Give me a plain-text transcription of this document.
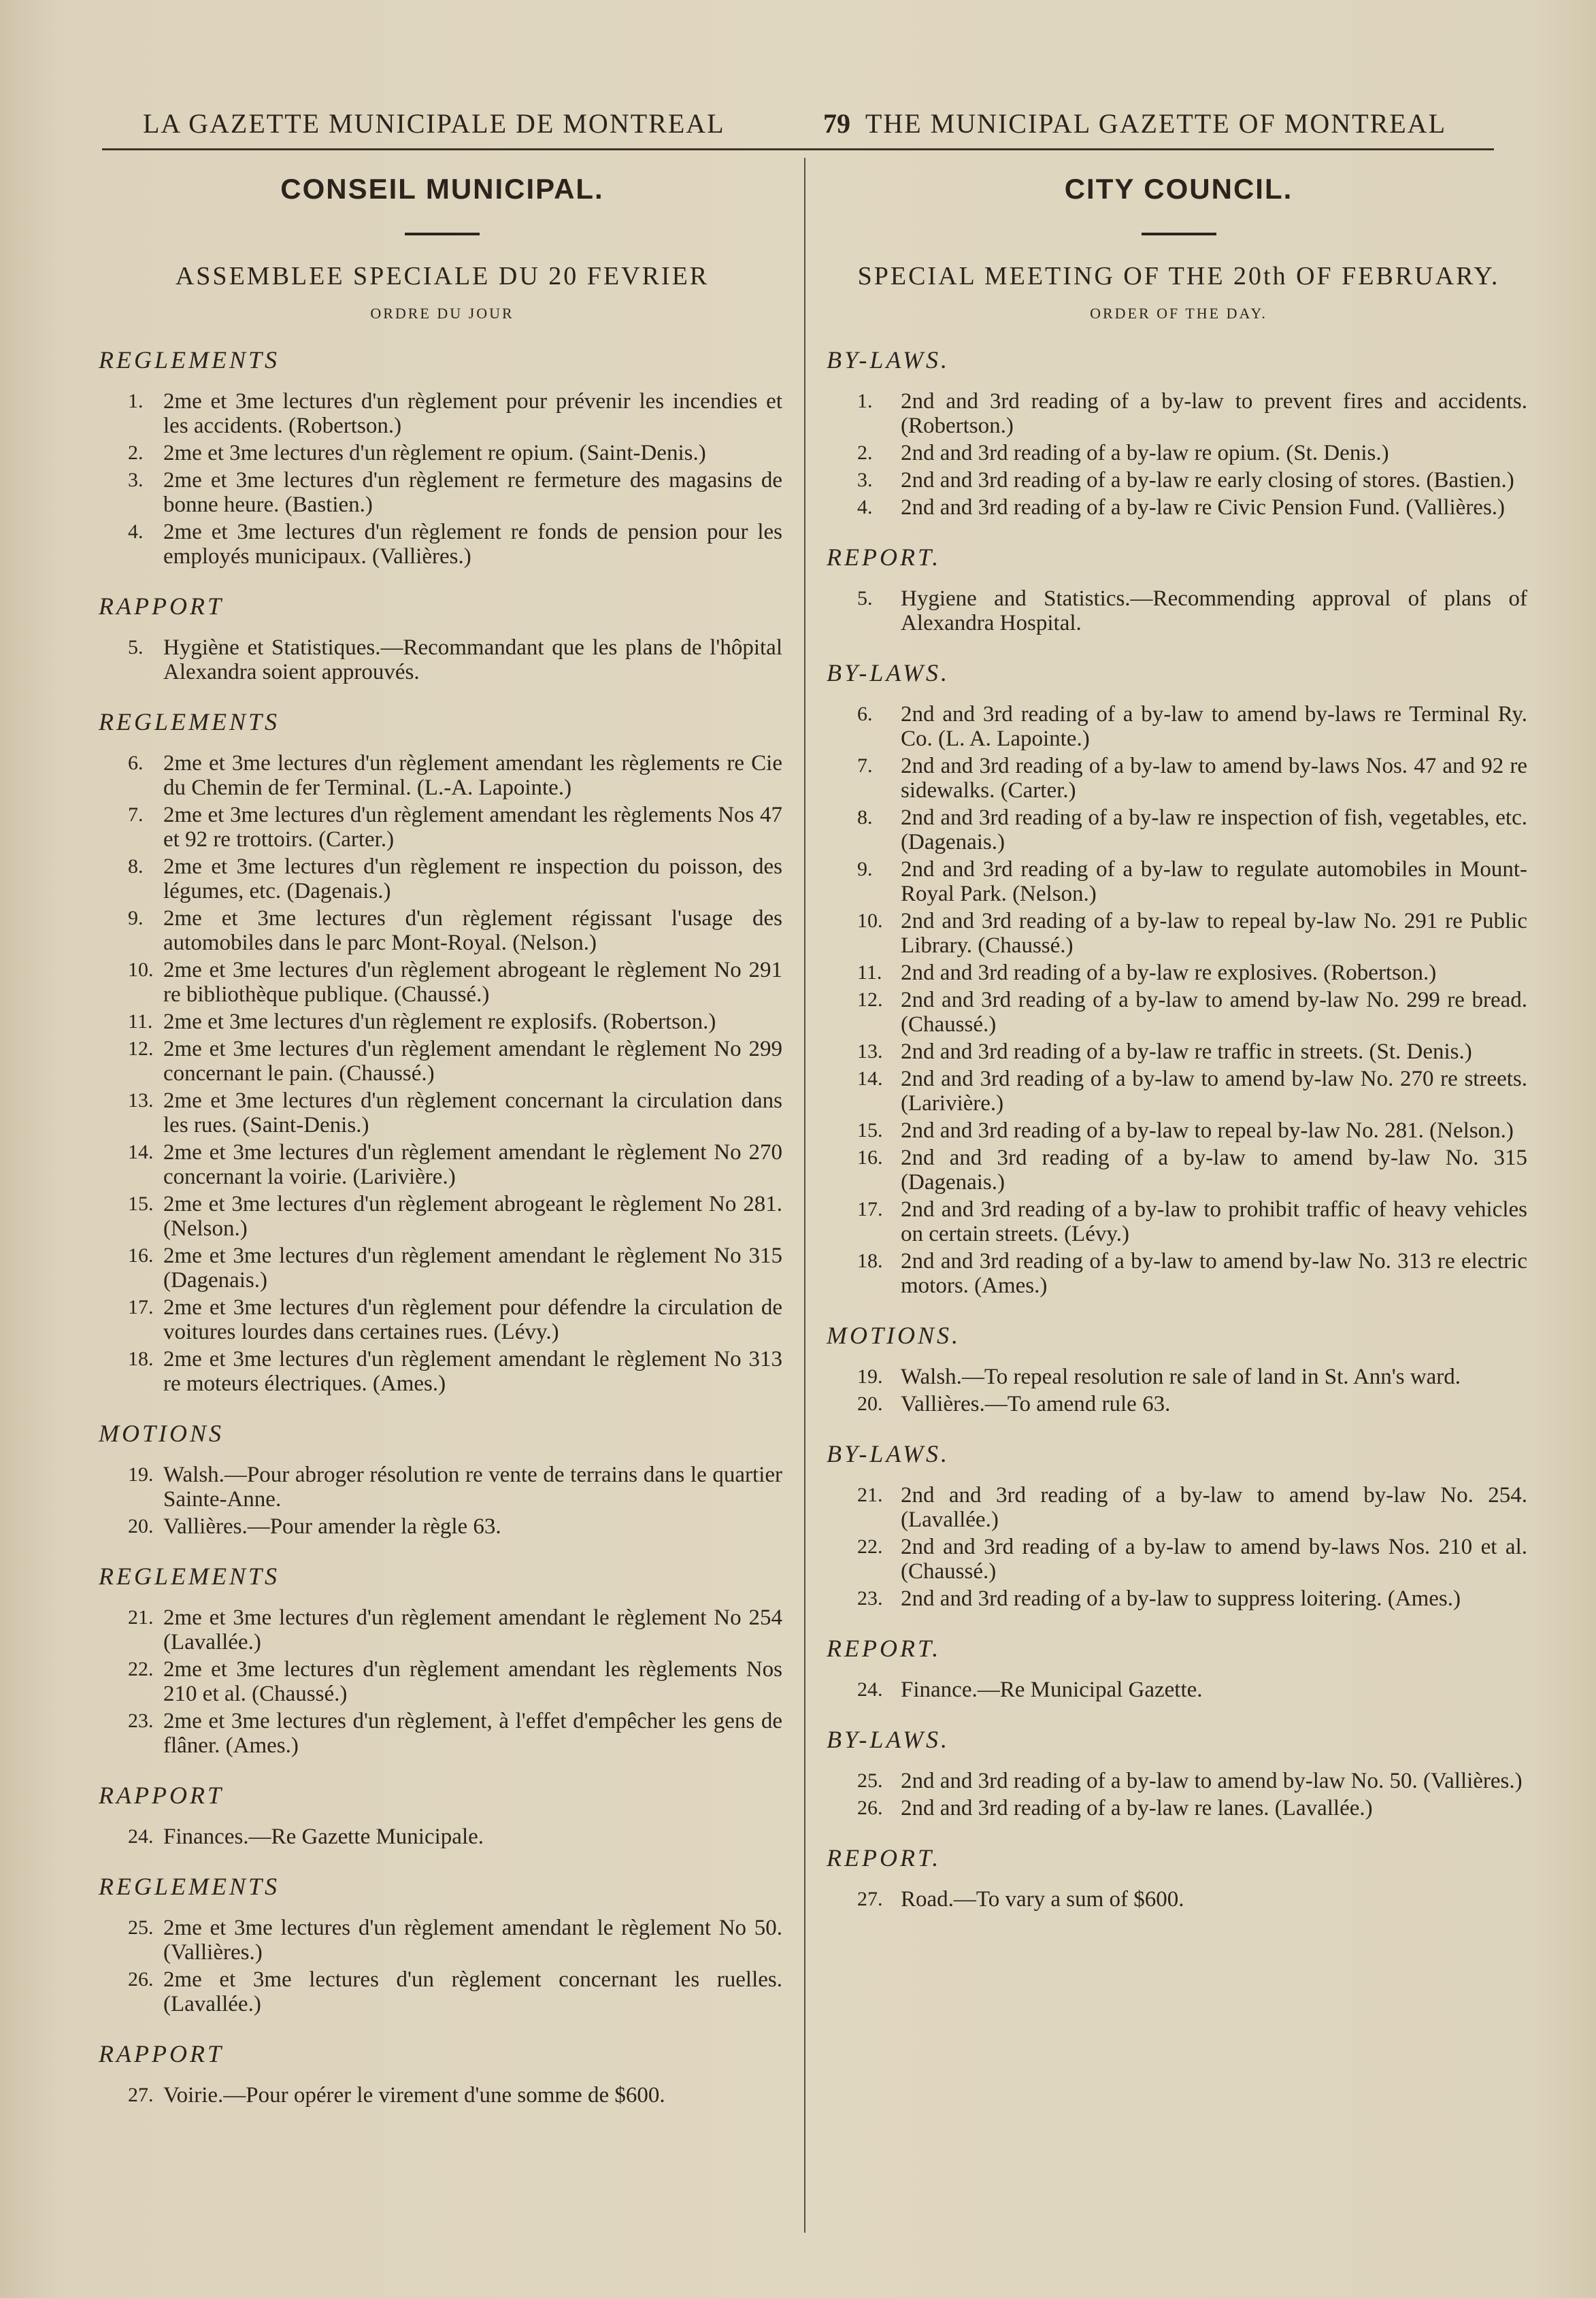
LA GAZETTE MUNICIPALE DE MONTREAL	79 THE MUNICIPAL GAZETTE OF MONTREAL
CONSEIL MUNICIPAL.
ASSEMBLEE SPECIALE DU 20 FEVRIER
ORDRE DU JOUR
REGLEMENTS
1. 2me et 3me lectures d'un règlement pour prévenir les incendies et les accidents. (Robertson.)
2. 2me et 3me lectures d'un règlement re opium. (Saint-Denis.)
3. 2me et 3me lectures d'un règlement re fermeture des magasins de bonne heure. (Bastien.)
4. 2me et 3me lectures d'un règlement re fonds de pension pour les employés municipaux. (Vallières.)
RAPPORT
5. Hygiène et Statistiques.—Recommandant que les plans de l'hôpital Alexandra soient approuvés.
REGLEMENTS
6. 2me et 3me lectures d'un règlement amendant les règlements re Cie du Chemin de fer Terminal. (L.-A. Lapointe.)
7. 2me et 3me lectures d'un règlement amendant les règlements Nos 47 et 92 re trottoirs. (Carter.)
8. 2me et 3me lectures d'un règlement re inspection du poisson, des légumes, etc. (Dagenais.)
9. 2me et 3me lectures d'un règlement régissant l'usage des automobiles dans le parc Mont-Royal. (Nelson.)
10. 2me et 3me lectures d'un règlement abrogeant le règlement No 291 re bibliothèque publique. (Chaussé.)
11. 2me et 3me lectures d'un règlement re explosifs. (Robertson.)
12. 2me et 3me lectures d'un règlement amendant le règlement No 299 concernant le pain. (Chaussé.)
13. 2me et 3me lectures d'un règlement concernant la circulation dans les rues. (Saint-Denis.)
14. 2me et 3me lectures d'un règlement amendant le règlement No 270 concernant la voirie. (Larivière.)
15. 2me et 3me lectures d'un règlement abrogeant le règlement No 281. (Nelson.)
16. 2me et 3me lectures d'un règlement amendant le règlement No 315 (Dagenais.)
17. 2me et 3me lectures d'un règlement pour défendre la circulation de voitures lourdes dans certaines rues. (Lévy.)
18. 2me et 3me lectures d'un règlement amendant le règlement No 313 re moteurs électriques. (Ames.)
MOTIONS
19. Walsh.—Pour abroger résolution re vente de terrains dans le quartier Sainte-Anne.
20. Vallières.—Pour amender la règle 63.
REGLEMENTS
21. 2me et 3me lectures d'un règlement amendant le règlement No 254 (Lavallée.)
22. 2me et 3me lectures d'un règlement amendant les règlements Nos 210 et al. (Chaussé.)
23. 2me et 3me lectures d'un règlement, à l'effet d'empêcher les gens de flâner. (Ames.)
RAPPORT
24. Finances.—Re Gazette Municipale.
REGLEMENTS
25. 2me et 3me lectures d'un règlement amendant le règlement No 50. (Vallières.)
26. 2me et 3me lectures d'un règlement concernant les ruelles. (Lavallée.)
RAPPORT
27. Voirie.—Pour opérer le virement d'une somme de $600.
CITY COUNCIL.
SPECIAL MEETING OF THE 20th OF FEBRUARY.
ORDER OF THE DAY.
BY-LAWS.
1.	2nd and 3rd reading of a by-law to prevent fires and accidents. (Robertson.)
2.	2nd and 3rd reading of a by-law re opium. (St. Denis.)
3.	2nd and 3rd reading of a by-law re early closing of stores. (Bastien.)
4.	2nd and 3rd reading of a by-law re Civic Pension Fund. (Vallières.)
REPORT.
5.	Hygiene and Statistics.—Recommending approval of plans of Alexandra Hospital.
BY-LAWS.
6.	2nd and 3rd reading of a by-law to amend by-laws re Terminal Ry. Co. (L. A. Lapointe.)
7.	2nd and 3rd reading of a by-law to amend by-laws Nos. 47 and 92 re sidewalks. (Carter.)
8.	2nd and 3rd reading of a by-law re inspection of fish, vegetables, etc. (Dagenais.)
9.	2nd and 3rd reading of a by-law to regulate automobiles in Mount-Royal Park. (Nelson.)
10. 2nd and 3rd reading of a by-law to repeal by-law No. 291 re Public Library. (Chaussé.)
11. 2nd and 3rd reading of a by-law re explosives. (Robertson.)
12. 2nd and 3rd reading of a by-law to amend by-law No. 299 re bread. (Chaussé.)
13. 2nd and 3rd reading of a by-law re traffic in streets. (St. Denis.)
14. 2nd and 3rd reading of a by-law to amend by-law No. 270 re streets. (Larivière.)
15. 2nd and 3rd reading of a by-law to repeal by-law No. 281. (Nelson.)
16. 2nd and 3rd reading of a by-law to amend by-law No. 315 (Dagenais.)
17. 2nd and 3rd reading of a by-law to prohibit traffic of heavy vehicles on certain streets. (Lévy.)
18. 2nd and 3rd reading of a by-law to amend by-law No. 313 re electric motors. (Ames.)
MOTIONS.
19. Walsh.—To repeal resolution re sale of land in St. Ann's ward.
20. Vallières.—To amend rule 63.
BY-LAWS.
21. 2nd and 3rd reading of a by-law to amend by-law No. 254. (Lavallée.)
22. 2nd and 3rd reading of a by-law to amend by-laws Nos. 210 et al. (Chaussé.)
23. 2nd and 3rd reading of a by-law to suppress loitering. (Ames.)
REPORT.
24. Finance.—Re Municipal Gazette.
BY-LAWS.
25. 2nd and 3rd reading of a by-law to amend by-law No. 50. (Vallières.)
26. 2nd and 3rd reading of a by-law re lanes. (Lavallée.)
REPORT.
27. Road.—To vary a sum of $600.
